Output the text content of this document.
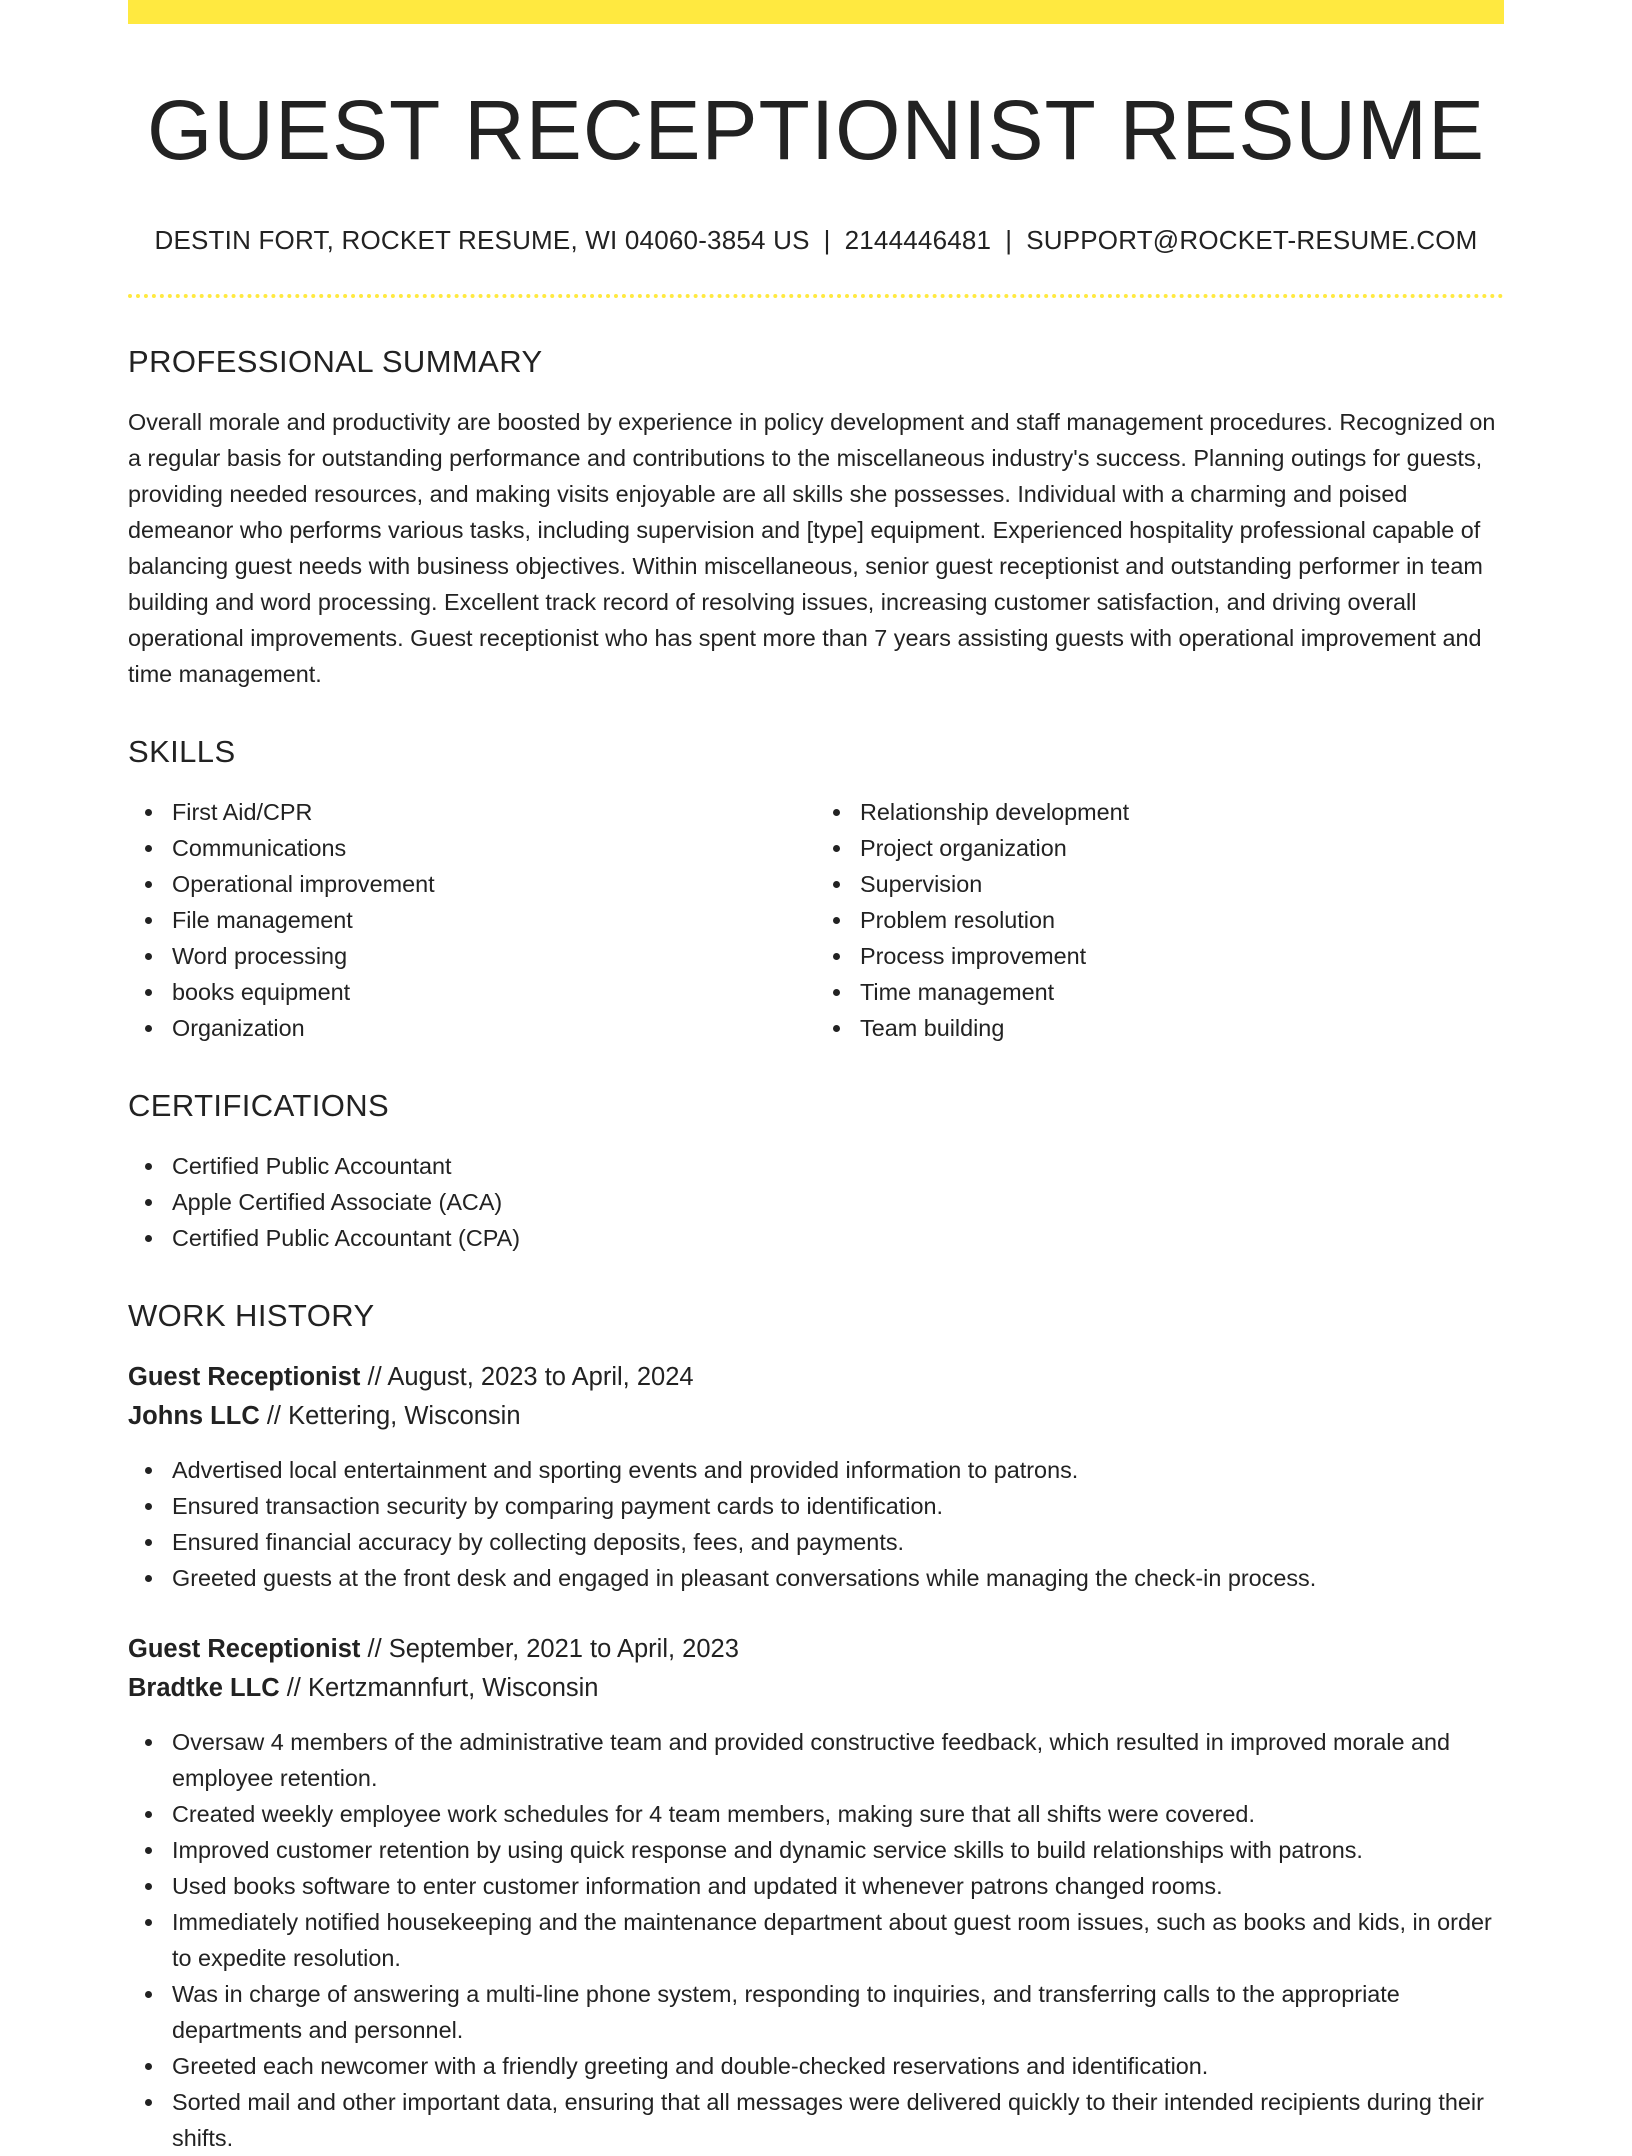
GUEST RECEPTIONIST RESUME
DESTIN FORT, ROCKET RESUME, WI 04060-3854 US | 2144446481 | SUPPORT@ROCKET-RESUME.COM
PROFESSIONAL SUMMARY

Overall morale and productivity are boosted by experience in policy development and staff management procedures. Recognized on a regular basis for outstanding performance and contributions to the miscellaneous industry's success. Planning outings for guests, providing needed resources, and making visits enjoyable are all skills she possesses. Individual with a charming and poised demeanor who performs various tasks, including supervision and [type] equipment. Experienced hospitality professional capable of balancing guest needs with business objectives. Within miscellaneous, senior guest receptionist and outstanding performer in team building and word processing. Excellent track record of resolving issues, increasing customer satisfaction, and driving overall operational improvements. Guest receptionist who has spent more than 7 years assisting guests with operational improvement and time management.

SKILLS
First Aid/CPR
Communications
Operational improvement
File management
Word processing
books equipment
Organization
Relationship development
Project organization
Supervision
Problem resolution
Process improvement
Time management
Team building
CERTIFICATIONS
Certified Public Accountant
Apple Certified Associate (ACA)
Certified Public Accountant (CPA)
WORK HISTORY
Guest Receptionist // August, 2023 to April, 2024
Johns LLC // Kettering, Wisconsin
Advertised local entertainment and sporting events and provided information to patrons.
Ensured transaction security by comparing payment cards to identification.
Ensured financial accuracy by collecting deposits, fees, and payments.
Greeted guests at the front desk and engaged in pleasant conversations while managing the check-in process.
Guest Receptionist // September, 2021 to April, 2023
Bradtke LLC // Kertzmannfurt, Wisconsin
Oversaw 4 members of the administrative team and provided constructive feedback, which resulted in improved morale and employee retention.
Created weekly employee work schedules for 4 team members, making sure that all shifts were covered.
Improved customer retention by using quick response and dynamic service skills to build relationships with patrons.
Used books software to enter customer information and updated it whenever patrons changed rooms.
Immediately notified housekeeping and the maintenance department about guest room issues, such as books and kids, in order to expedite resolution.
Was in charge of answering a multi-line phone system, responding to inquiries, and transferring calls to the appropriate departments and personnel.
Greeted each newcomer with a friendly greeting and double-checked reservations and identification.
Sorted mail and other important data, ensuring that all messages were delivered quickly to their intended recipients during their shifts.
